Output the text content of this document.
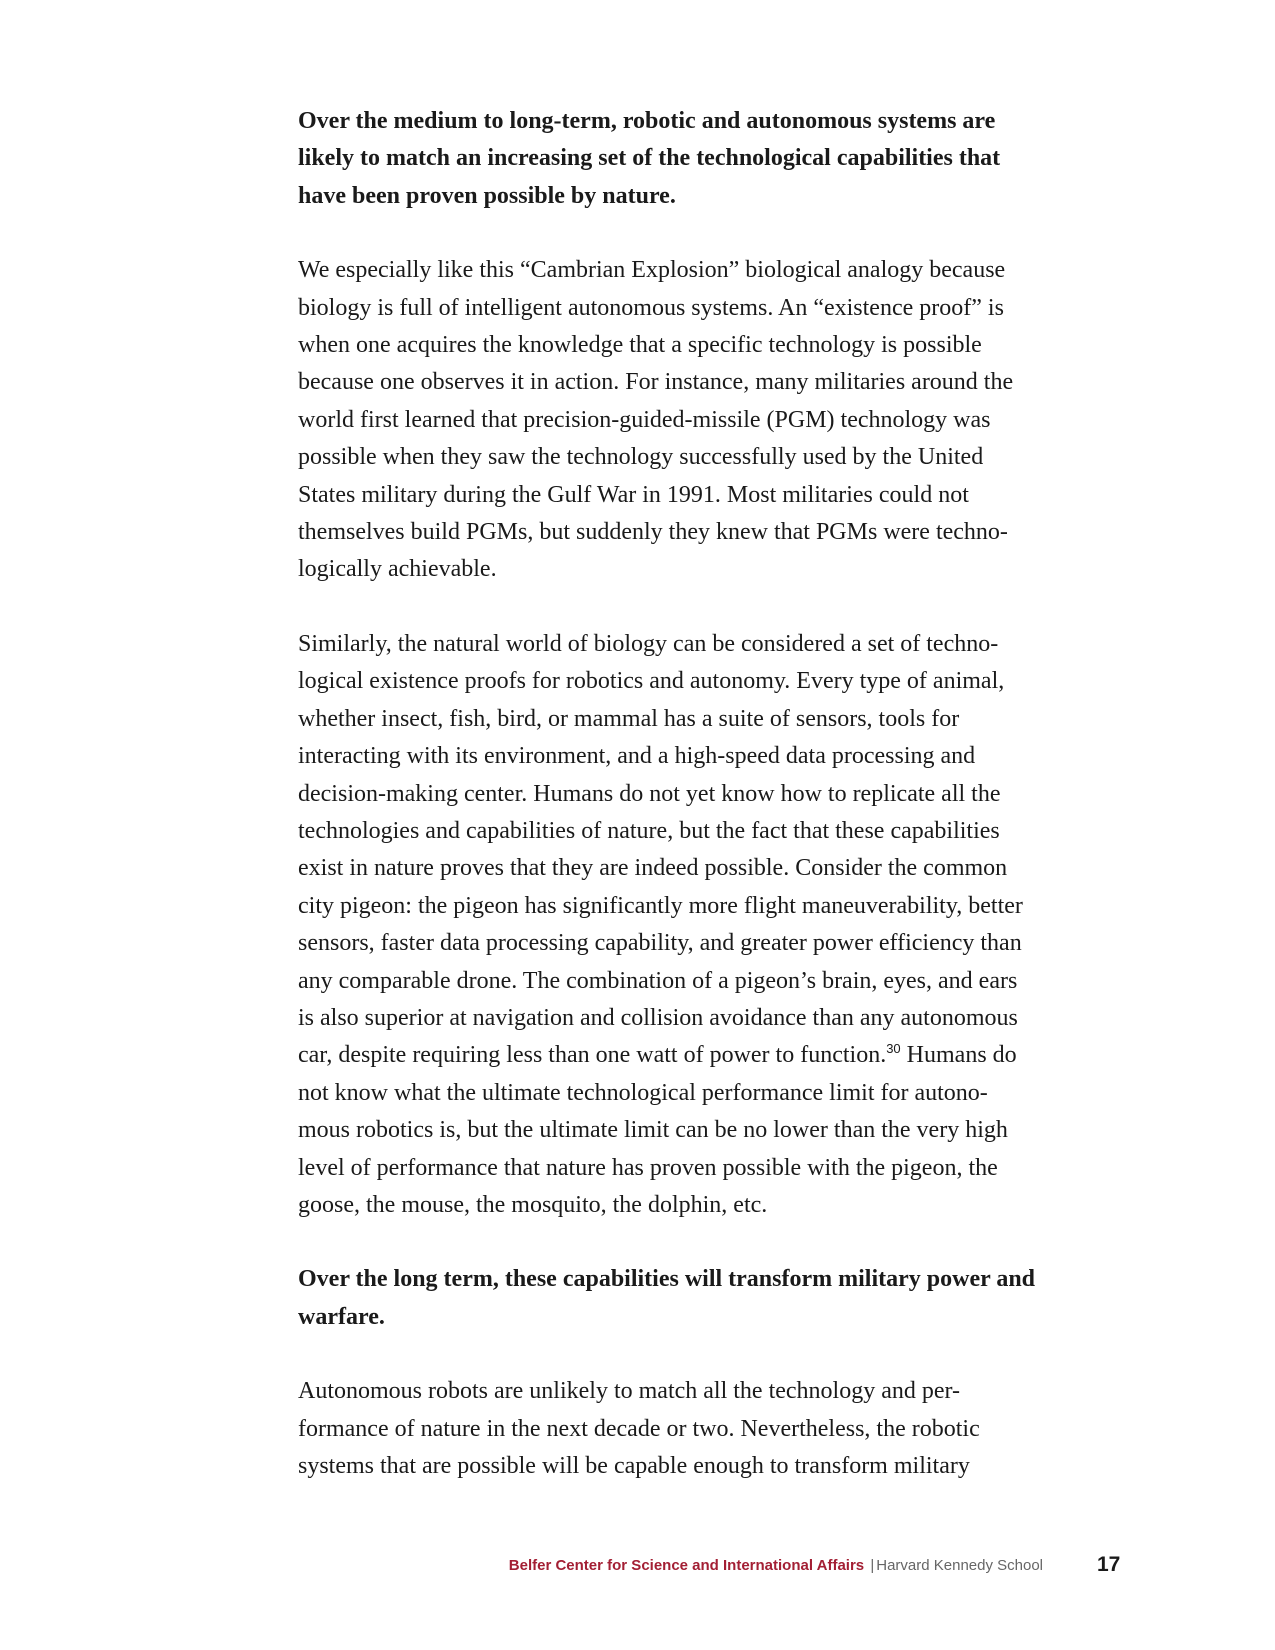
Over the medium to long-term, robotic and autonomous systems are
likely to match an increasing set of the technological capabilities that
have been proven possible by nature.

We especially like this “Cambrian Explosion” biological analogy because
biology is full of intelligent autonomous systems. An “existence proof” is
when one acquires the knowledge that a specific technology is possible
because one observes it in action. For instance, many militaries around the
world first learned that precision-guided-missile (PGM) technology was
possible when they saw the technology successfully used by the United
States military during the Gulf War in 1991. Most militaries could not
themselves build PGMs, but suddenly they knew that PGMs were techno-
logically achievable.

Similarly, the natural world of biology can be considered a set of techno-
logical existence proofs for robotics and autonomy. Every type of animal,
whether insect, fish, bird, or mammal has a suite of sensors, tools for
interacting with its environment, and a high-speed data processing and
decision-making center. Humans do not yet know how to replicate all the
technologies and capabilities of nature, but the fact that these capabilities
exist in nature proves that they are indeed possible. Consider the common
city pigeon: the pigeon has significantly more flight maneuverability, better
sensors, faster data processing capability, and greater power efficiency than
any comparable drone. The combination of a pigeon’s brain, eyes, and ears
is also superior at navigation and collision avoidance than any autonomous
car, despite requiring less than one watt of power to function.$^{30}$ Humans do
not know what the ultimate technological performance limit for autono-
mous robotics is, but the ultimate limit can be no lower than the very high
level of performance that nature has proven possible with the pigeon, the
goose, the mouse, the mosquito, the dolphin, etc.

Over the long term, these capabilities will transform military power and
warfare.

Autonomous robots are unlikely to match all the technology and per-
formance of nature in the next decade or two. Nevertheless, the robotic
systems that are possible will be capable enough to transform military

Belfer Center for Science and International Affairs | Harvard Kennedy School	17
